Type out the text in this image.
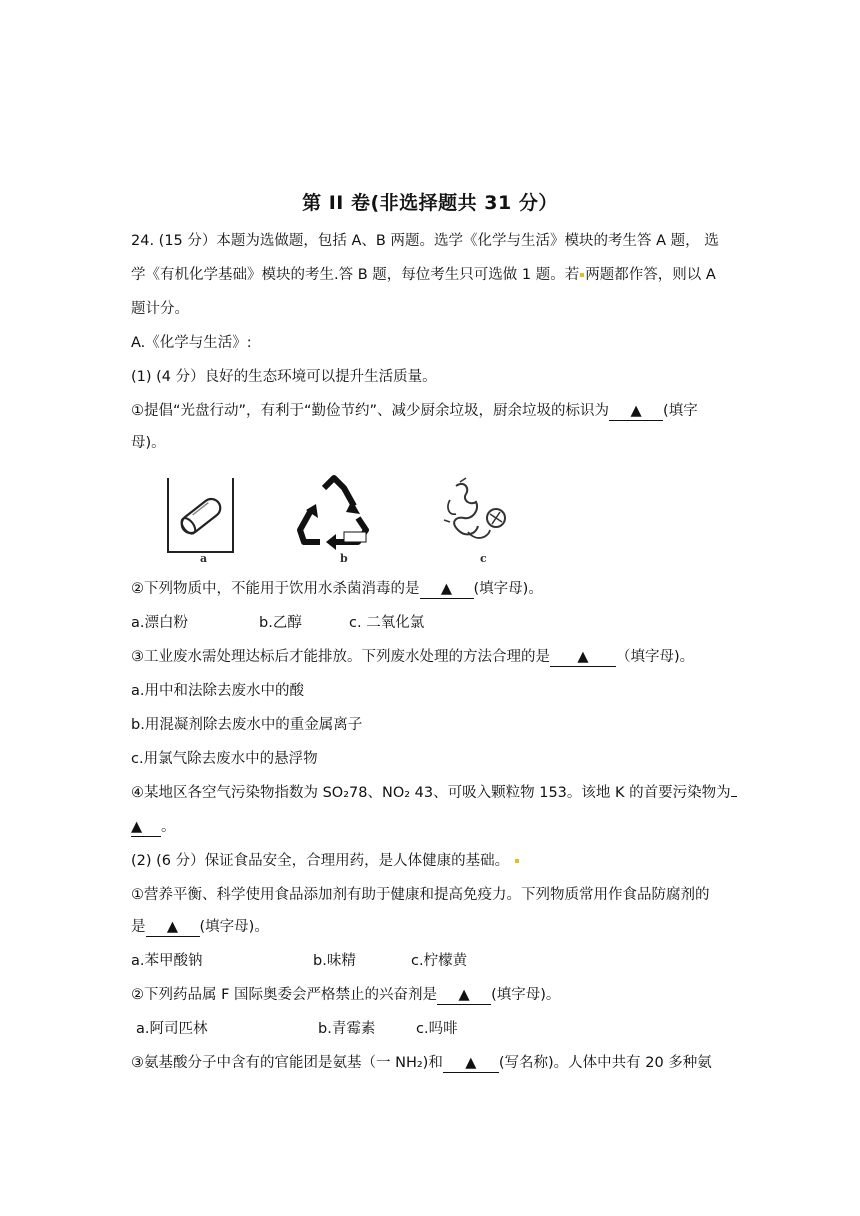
第 II 卷(非选择题共 31 分）
24. (15 分）本题为选做题，包括 A、B 两题。选学《化学与生活》模块的考生答 A 题， 选
学《有机化学基础》模块的考生.答 B 题，每位考生只可选做 1 题。若 两题都作答，则以 A
题计分。
A.《化学与生活》:
(1) (4 分）良好的生态环境可以提升生活质量。
①提倡“光盘行动”，有利于“勤俭节约”、减少厨余垃圾，厨余垃圾的标识为 ▲ (填字
母)。
a	b	c
②下列物质中，不能用于饮用水杀菌消毒的是 ▲ (填字母)。
a.漂白粉	b.乙醇	c. 二氧化氯
③工业废水需处理达标后才能排放。下列废水处理的方法合理的是 ▲ （填字母)。
a.用中和法除去废水中的酸
b.用混凝剂除去废水中的重金属离子
c.用氯气除去废水中的悬浮物
④某地区各空气污染物指数为 SO₂78、NO₂ 43、可吸入颗粒物 153。该地 K 的首要污染物为
▲ 。
(2) (6 分）保证食品安全，合理用药，是人体健康的基础。
①营养平衡、科学使用食品添加剂有助于健康和提高免疫力。下列物质常用作食品防腐剂的
是 ▲ (填字母)。
a.苯甲酸钠	b.味精	c.柠檬黄
②下列药品属 F 国际奥委会严格禁止的兴奋剂是 ▲ (填字母)。
a.阿司匹林	b.青霉素	c.吗啡
③氨基酸分子中含有的官能团是氨基（一 NH₂)和 ▲ (写名称)。人体中共有 20 多种氨
